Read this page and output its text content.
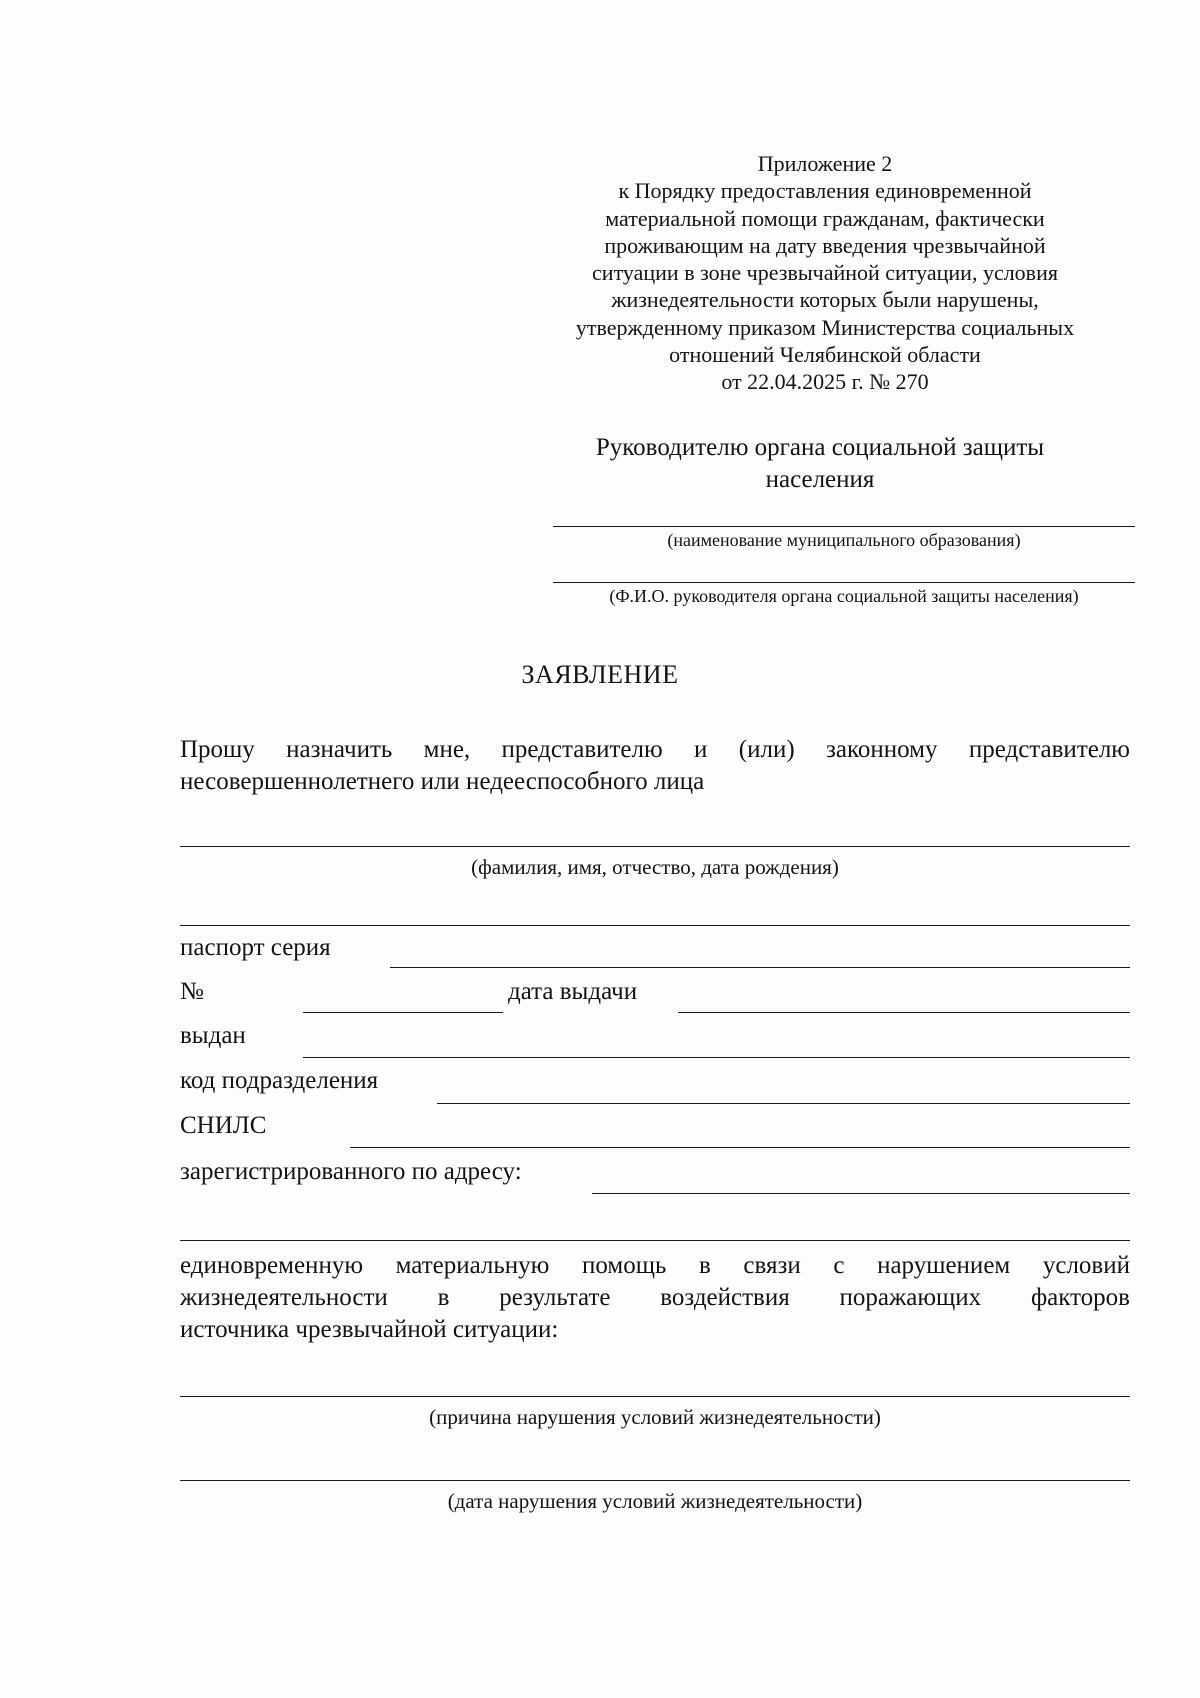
Приложение 2
к Порядку предоставления единовременной
материальной помощи гражданам, фактически
проживающим на дату введения чрезвычайной
ситуации в зоне чрезвычайной ситуации, условия
жизнедеятельности которых были нарушены,
утвержденному приказом Министерства социальных
отношений Челябинской области
от 22.04.2025 г. № 270
Руководителю органа социальной защиты
населения
(наименование муниципального образования)
(Ф.И.О. руководителя органа социальной защиты населения)
ЗАЯВЛЕНИЕ
Прошу назначить мне, представителю и (или) законному представителю
несовершеннолетнего или недееспособного лица
(фамилия, имя, отчество, дата рождения)
паспорт серия
№	дата выдачи
выдан
код подразделения
СНИЛС
зарегистрированного по адресу:
единовременную материальную помощь в связи с нарушением условий
жизнедеятельности в результате воздействия поражающих факторов
источника чрезвычайной ситуации:
(причина нарушения условий жизнедеятельности)
(дата нарушения условий жизнедеятельности)
